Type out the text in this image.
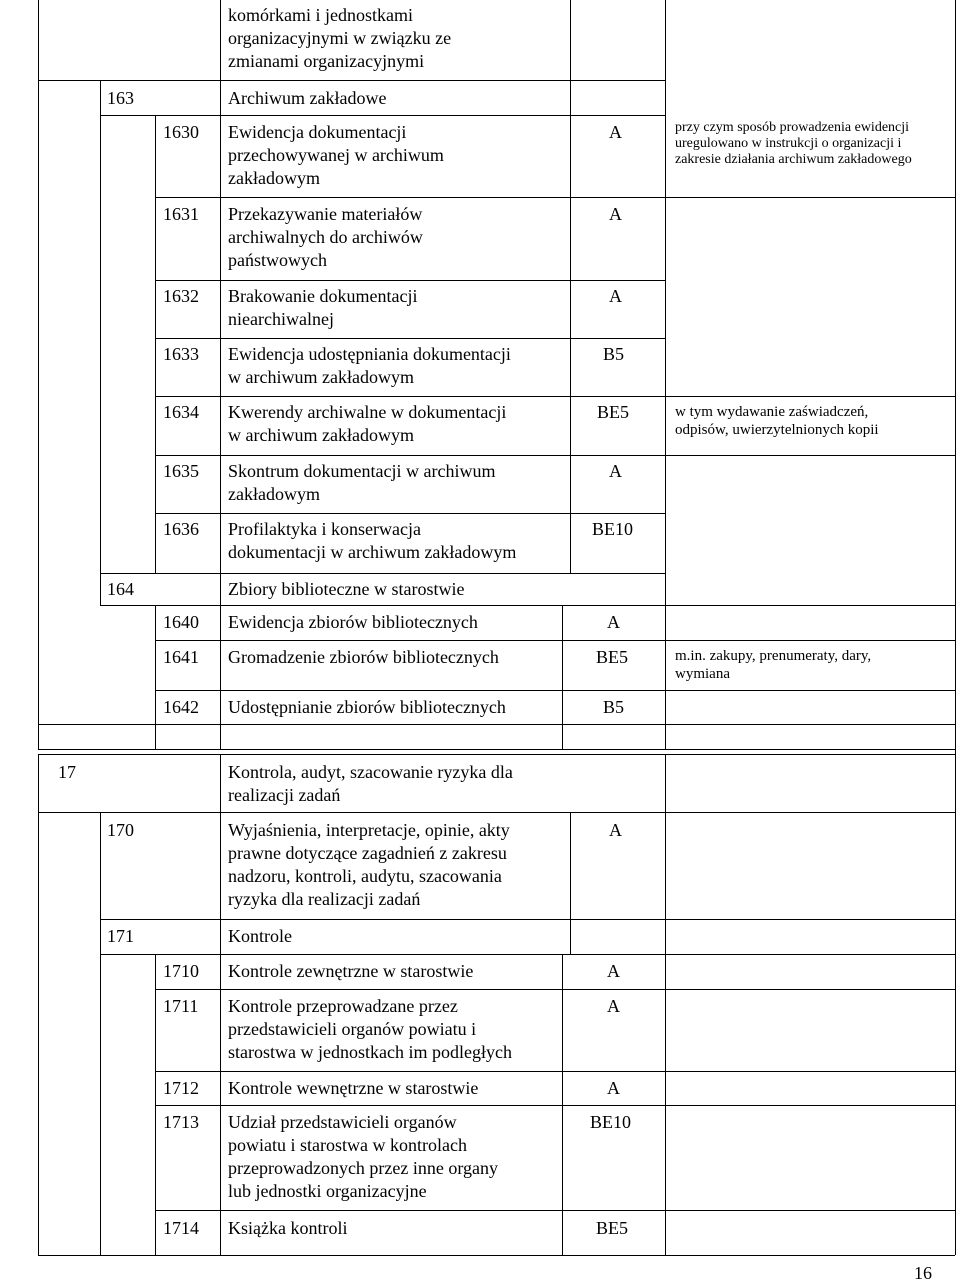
komórkami i jednostkami
organizacyjnymi w związku ze
zmianami organizacyjnymi
163	Archiwum zakładowe
1630 Ewidencja dokumentacji
przechowywanej w archiwum
zakładowym
A	przy czym sposób prowadzenia ewidencji
uregulowano w instrukcji o organizacji i
zakresie działania archiwum zakładowego
1631 Przekazywanie materiałów
archiwalnych do archiwów
państwowych
A
1632 Brakowanie dokumentacji
niearchiwalnej
A
1633 Ewidencja udostępniania dokumentacji
w archiwum zakładowym
B5
1634 Kwerendy archiwalne w dokumentacji
w archiwum zakładowym
BE5	w tym wydawanie zaświadczeń,
odpisów, uwierzytelnionych kopii
1635 Skontrum dokumentacji w archiwum
zakładowym
A
1636 Profilaktyka i konserwacja
dokumentacji w archiwum zakładowym
BE10
164	Zbiory biblioteczne w starostwie
1640 Ewidencja zbiorów bibliotecznych	A
1641 Gromadzenie zbiorów bibliotecznych	BE5	m.in. zakupy, prenumeraty, dary,
wymiana
1642 Udostępnianie zbiorów bibliotecznych	B5
17	Kontrola, audyt, szacowanie ryzyka dla
realizacji zadań
170	Wyjaśnienia, interpretacje, opinie, akty
prawne dotyczące zagadnień z zakresu
nadzoru, kontroli, audytu, szacowania
ryzyka dla realizacji zadań
A
171	Kontrole
1710 Kontrole zewnętrzne w starostwie	A
1711 Kontrole przeprowadzane przez
przedstawicieli organów powiatu i
starostwa w jednostkach im podległych
A
1712 Kontrole wewnętrzne w starostwie	A
1713 Udział przedstawicieli organów
powiatu i starostwa w kontrolach
przeprowadzonych przez inne organy
lub jednostki organizacyjne
BE10
1714 Książka kontroli	BE5
16
